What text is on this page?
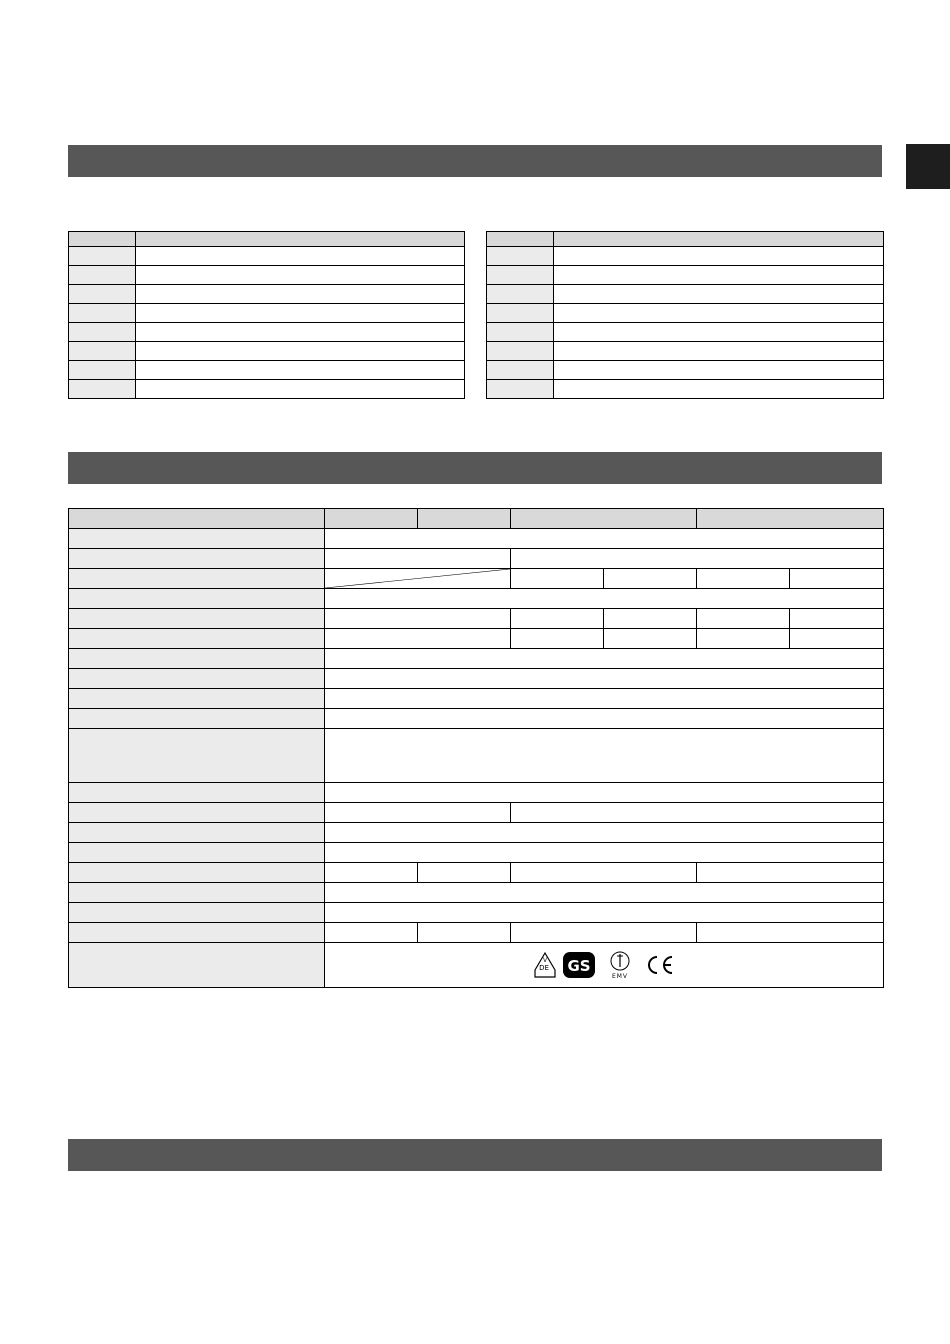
V
DE GS
EMV					
